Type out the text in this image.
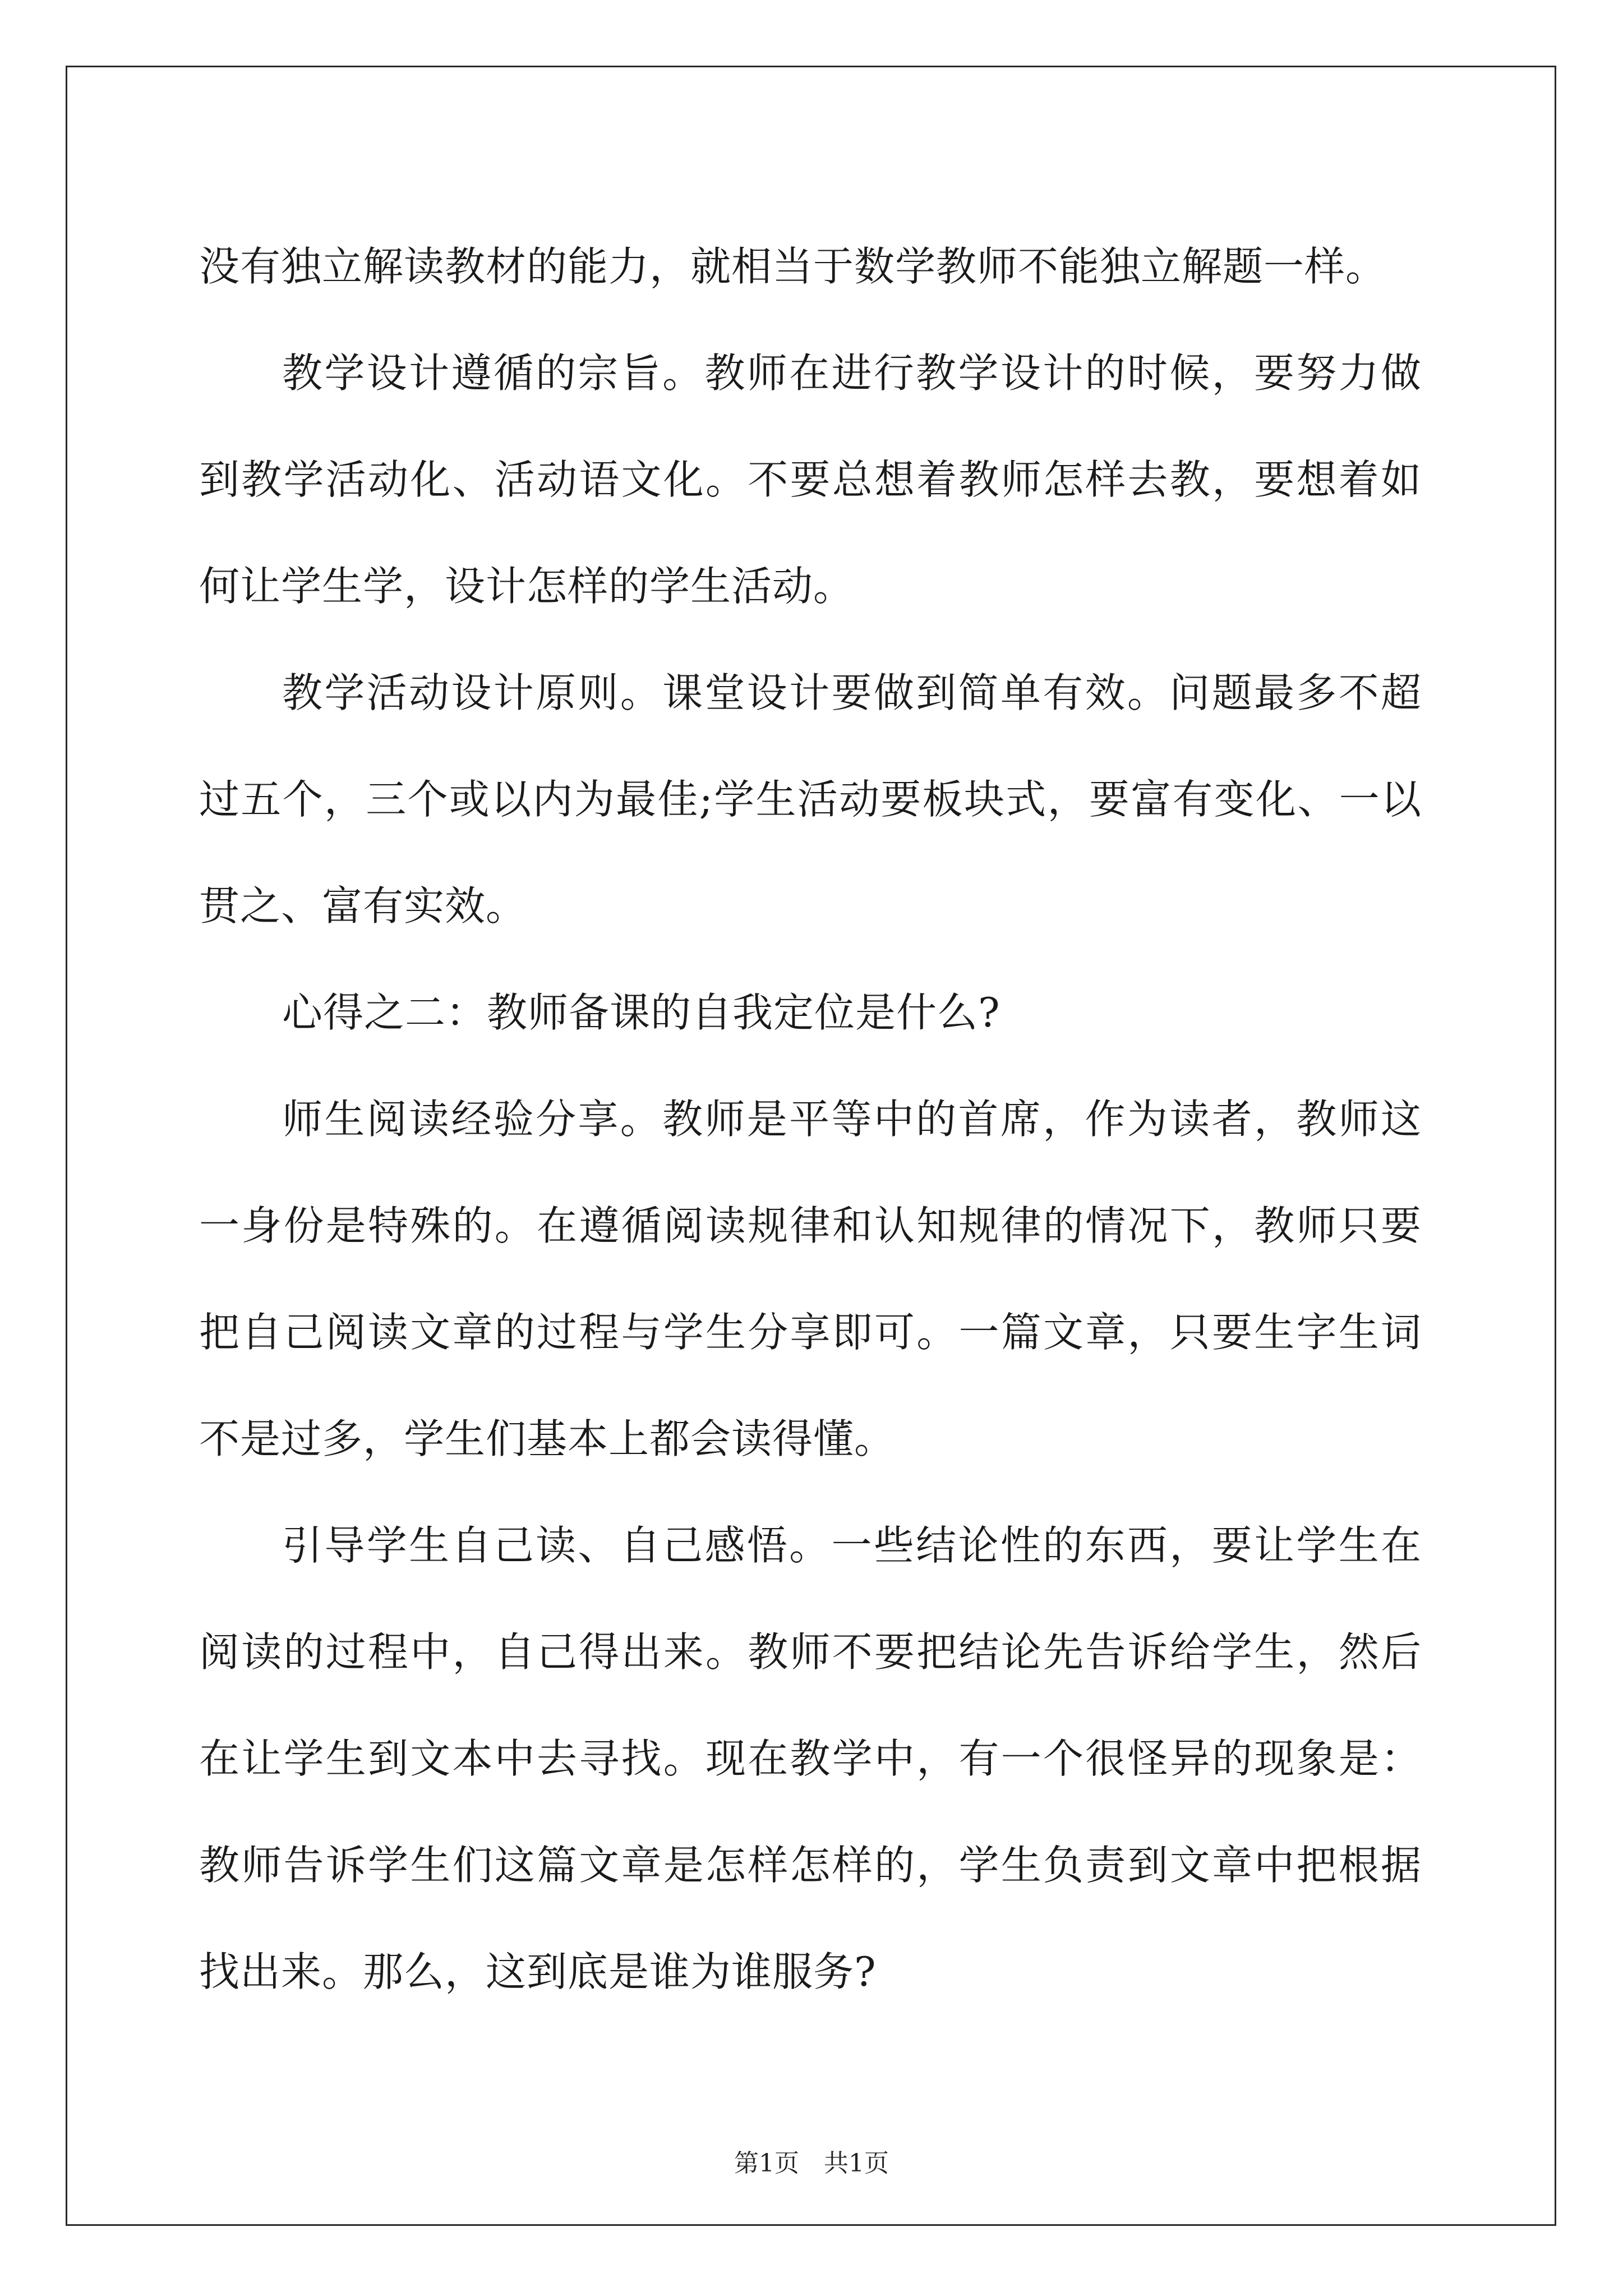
没有独立解读教材的能力，就相当于数学教师不能独立解题一样。

教学设计遵循的宗旨。教师在进行教学设计的时候，要努力做到教学活动化、活动语文化。不要总想着教师怎样去教，要想着如何让学生学，设计怎样的学生活动。

教学活动设计原则。课堂设计要做到简单有效。问题最多不超过五个，三个或以内为最佳;学生活动要板块式，要富有变化、一以贯之、富有实效。

心得之二：教师备课的自我定位是什么?

师生阅读经验分享。教师是平等中的首席，作为读者，教师这一身份是特殊的。在遵循阅读规律和认知规律的情况下，教师只要把自己阅读文章的过程与学生分享即可。一篇文章，只要生字生词不是过多，学生们基本上都会读得懂。

引导学生自己读、自己感悟。一些结论性的东西，要让学生在阅读的过程中，自己得出来。教师不要把结论先告诉给学生，然后在让学生到文本中去寻找。现在教学中，有一个很怪异的现象是：教师告诉学生们这篇文章是怎样怎样的，学生负责到文章中把根据找出来。那么，这到底是谁为谁服务?

第1页 共1页
